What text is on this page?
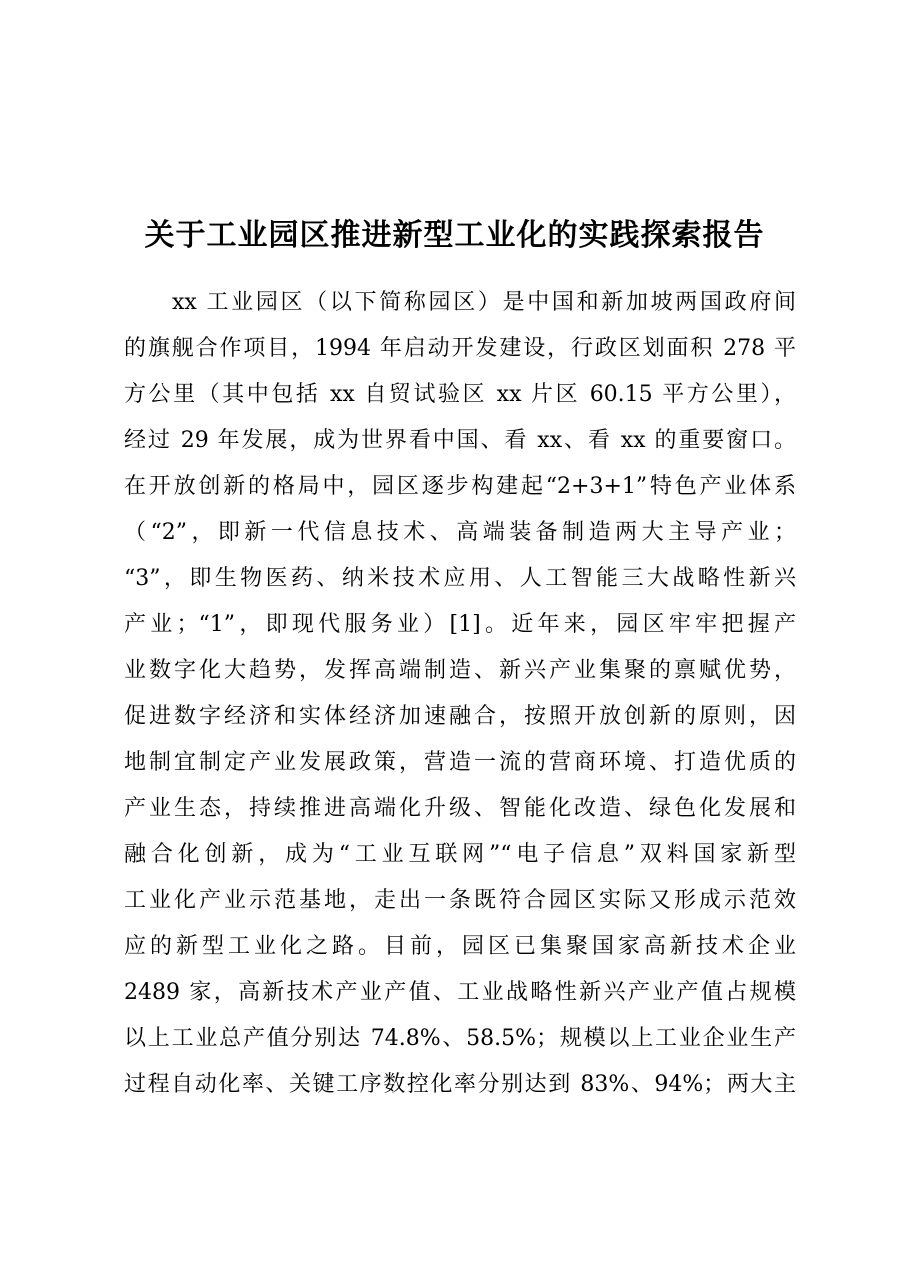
关于工业园区推进新型工业化的实践探索报告
xx 工业园区（以下简称园区）是中国和新加坡两国政府间
的旗舰合作项目，1994 年启动开发建设，行政区划面积 278 平
方公里（其中包括 xx 自贸试验区 xx 片区 60.15 平方公里），
经过 29 年发展，成为世界看中国、看 xx、看 xx 的重要窗口。
在开放创新的格局中，园区逐步构建起“2+3+1”特色产业体系
（“2”，即新一代信息技术、高端装备制造两大主导产业；
“3”，即生物医药、纳米技术应用、人工智能三大战略性新兴
产业；“1”，即现代服务业）[1]。近年来，园区牢牢把握产
业数字化大趋势，发挥高端制造、新兴产业集聚的禀赋优势，
促进数字经济和实体经济加速融合，按照开放创新的原则，因
地制宜制定产业发展政策，营造一流的营商环境、打造优质的
产业生态，持续推进高端化升级、智能化改造、绿色化发展和
融合化创新，成为“工业互联网”“电子信息”双料国家新型
工业化产业示范基地，走出一条既符合园区实际又形成示范效
应的新型工业化之路。目前，园区已集聚国家高新技术企业
2489 家，高新技术产业产值、工业战略性新兴产业产值占规模
以上工业总产值分别达 74.8%、58.5%；规模以上工业企业生产
过程自动化率、关键工序数控化率分别达到 83%、94%；两大主
